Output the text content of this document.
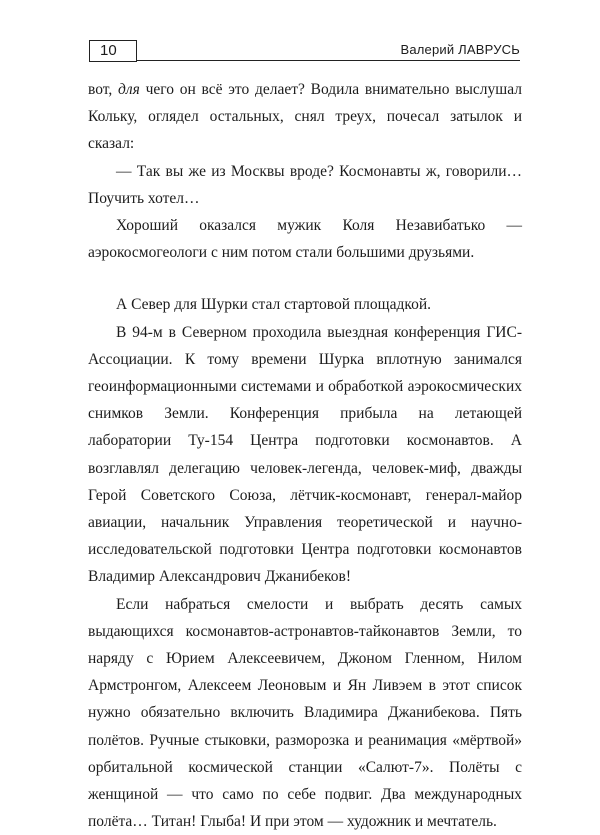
10	Валерий ЛАВРУСЬ

вот, для чего он всё это делает? Водила внимательно выслушал Кольку, оглядел остальных, снял треух, почесал затылок и сказал:

— Так вы же из Москвы вроде? Космонавты ж, говорили… Поучить хотел…

Хороший оказался мужик Коля Незавибатько — аэрокосмогеологи с ним потом стали большими друзьями.

А Север для Шурки стал стартовой площадкой.

В 94-м в Северном проходила выездная конференция ГИС-Ассоциации. К тому времени Шурка вплотную занимался геоинформационными системами и обработкой аэрокосмических снимков Земли. Конференция прибыла на летающей лаборатории Ту-154 Центра подготовки космонавтов. А возглавлял делегацию человек-легенда, человек-миф, дважды Герой Советского Союза, лётчик-космонавт, генерал-майор авиации, начальник Управления теоретической и научно-исследовательской подготовки Центра подготовки космонавтов Владимир Александрович Джанибеков!

Если набраться смелости и выбрать десять самых выдающихся космонавтов-астронавтов-тайконавтов Земли, то наряду с Юрием Алексеевичем, Джоном Гленном, Нилом Армстронгом, Алексеем Леоновым и Ян Ливэем в этот список нужно обязательно включить Владимира Джанибекова. Пять полётов. Ручные стыковки, разморозка и реанимация «мёртвой» орбитальной космической станции «Салют-7». Полёты с женщиной — что само по себе подвиг. Два международных полёта… Титан! Глыба! И при этом — художник и мечтатель.
